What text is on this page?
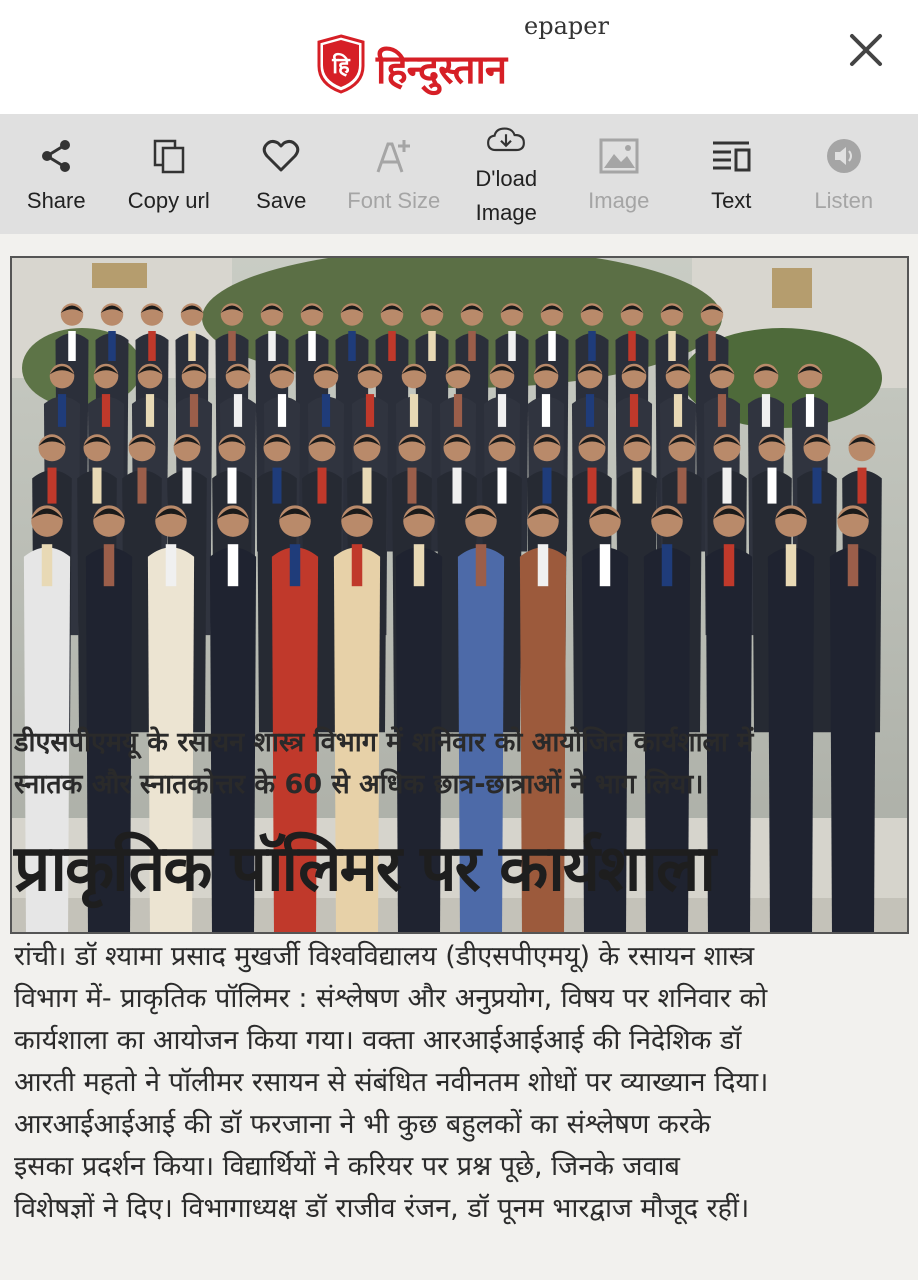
हि
epaper
हिन्दुस्तान
Share Copy url Save Font Size
D'load
Image Image	Text	Listen
डीएसपीएमयू के रसायन शास्त्र विभाग में शनिवार को आयोजित कार्यशाला में
स्नातक और स्नातकोत्तर के 60 से अधिक छात्र-छात्राओं ने भाग लिया।
प्राकृतिक पॉलिमर पर कार्यशाला
रांची। डॉ श्यामा प्रसाद मुखर्जी विश्वविद्यालय (डीएसपीएमयू) के रसायन शास्त्र
विभाग में- प्राकृतिक पॉलिमर : संश्लेषण और अनुप्रयोग, विषय पर शनिवार को
कार्यशाला का आयोजन किया गया। वक्ता आरआईआईआई की निदेशिक डॉ
आरती महतो ने पॉलीमर रसायन से संबंधित नवीनतम शोधों पर व्याख्यान दिया।
आरआईआईआई की डॉ फरजाना ने भी कुछ बहुलकों का संश्लेषण करके
इसका प्रदर्शन किया। विद्यार्थियों ने करियर पर प्रश्न पूछे, जिनके जवाब
विशेषज्ञों ने दिए। विभागाध्यक्ष डॉ राजीव रंजन, डॉ पूनम भारद्वाज मौजूद रहीं।
